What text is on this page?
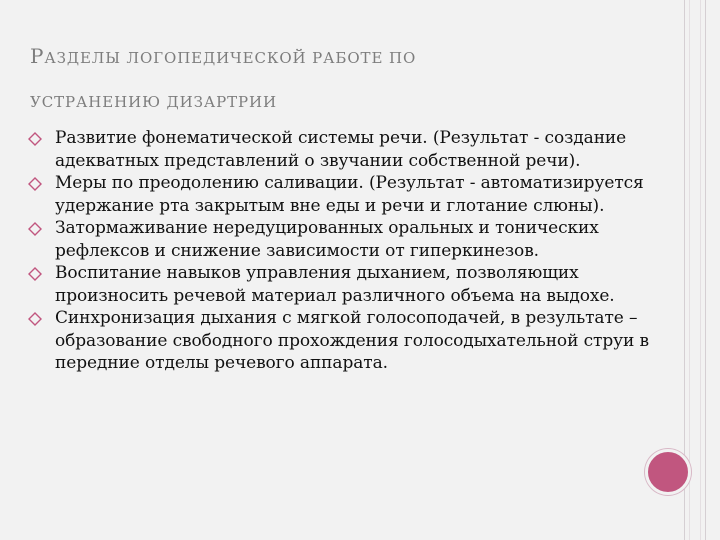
РАЗДЕЛЫ ЛОГОПЕДИЧЕСКОЙ РАБОТЕ ПО
УСТРАНЕНИЮ ДИЗАРТРИИ
Развитие фонематической системы речи. (Результат - создание адекватных представлений о звучании собственной речи).
Меры по преодолению саливации. (Результат - автоматизируется удержание рта закрытым вне еды и речи и глотание слюны).
Затормаживание нередуцированных оральных и тонических рефлексов и снижение зависимости от гиперкинезов.
Воспитание навыков управления дыханием, позволяющих произносить речевой материал различного объема на выдохе.
Синхронизация дыхания с мягкой голосоподачей, в результате – образование свободного прохождения голосодыхательной струи в передние отделы речевого аппарата.
